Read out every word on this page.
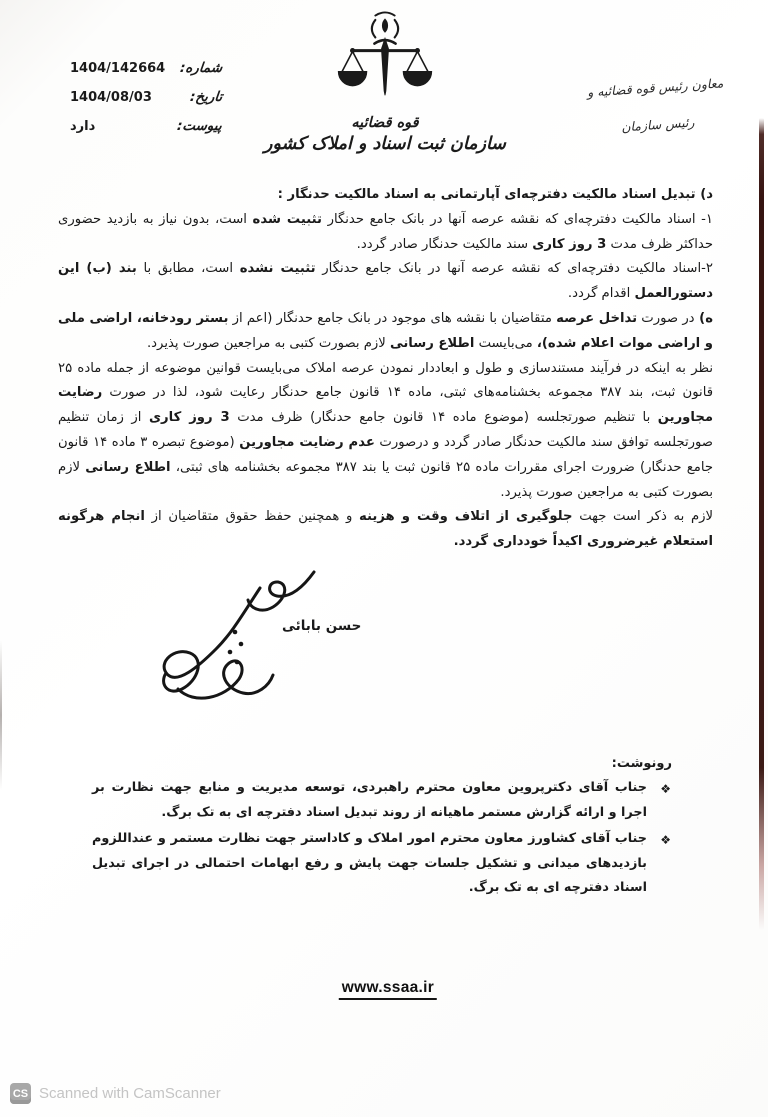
شماره:
1404/142664
تاریخ:
1404/08/03
پیوست:
دارد	قوه قضائیه
سازمان ثبت اسناد و املاک کشور
معاون رئیس قوه قضائیه و
رئیس سازمان

د) تبدیل اسناد مالکیت دفترچه‌ای آپارتمانی به اسناد مالکیت حدنگار :

۱- اسناد مالکیت دفترچه‌ای که نقشه عرصه آنها در بانک جامع حدنگار تثبیت شده است، بدون نیاز به بازدید حضوری حداکثر ظرف مدت 3 روز کاری سند مالکیت حدنگار صادر گردد.

۲-اسناد مالکیت دفترچه‌ای که نقشه عرصه آنها در بانک جامع حدنگار تثبیت نشده است، مطابق با بند (ب) این دستورالعمل اقدام گردد.

ه) در صورت تداخل عرصه متقاضیان با نقشه های موجود در بانک جامع حدنگار (اعم از بستر رودخانه، اراضی ملی و اراضی موات اعلام شده)، می‌بایست اطلاع رسانی لازم بصورت کتبی به مراجعین صورت پذیرد.

نظر به اینکه در فرآیند مستندسازی و طول و ابعاددار نمودن عرصه املاک می‌بایست قوانین موضوعه از جمله ماده ۲۵ قانون ثبت، بند ۳۸۷ مجموعه بخشنامه‌های ثبتی، ماده ۱۴ قانون جامع حدنگار رعایت شود، لذا در صورت رضایت مجاورین با تنظیم صورتجلسه (موضوع ماده ۱۴ قانون جامع حدنگار) ظرف مدت 3 روز کاری از زمان تنظیم صورتجلسه توافق سند مالکیت حدنگار صادر گردد و درصورت عدم رضایت مجاورین (موضوع تبصره ۳ ماده ۱۴ قانون جامع حدنگار) ضرورت اجرای مقررات ماده ۲۵ قانون ثبت یا بند ۳۸۷ مجموعه بخشنامه های ثبتی، اطلاع رسانی لازم بصورت کتبی به مراجعین صورت پذیرد.

لازم به ذکر است جهت جلوگیری از اتلاف وقت و هزینه و همچنین حفظ حقوق متقاضیان از انجام هرگونه استعلام غیرضروری اکیداً خودداری گردد.

حسن بابائی
رونوشت:
❖
جناب آقای دکترپروین معاون محترم راهبردی، توسعه مدیریت و منابع جهت نظارت بر اجرا و ارائه گزارش مستمر ماهیانه از روند تبدیل اسناد دفترچه ای به تک برگ.
❖
جناب آقای کشاورز معاون محترم امور املاک و کاداستر جهت نظارت مستمر و عنداللزوم بازدیدهای میدانی و تشکیل جلسات جهت پایش و رفع ابهامات احتمالی در اجرای تبدیل اسناد دفترچه ای به تک برگ.
www.ssaa.ir
CS Scanned with CamScanner
